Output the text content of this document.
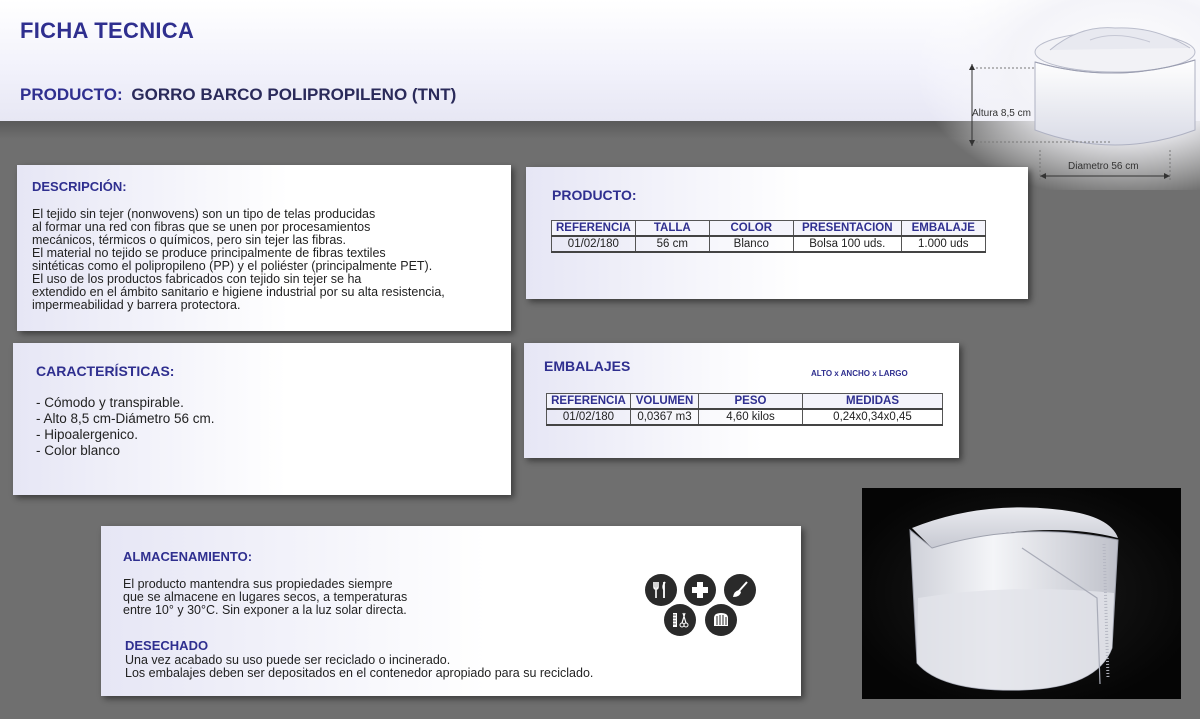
FICHA TECNICA
PRODUCTO: GORRO BARCO POLIPROPILENO (TNT)
Altura 8,5 cm
Diametro 56 cm
DESCRIPCIÓN:

El tejido sin tejer (nonwovens) son un tipo de telas producidas

al formar una red con fibras que se unen por procesamientos

mecánicos, térmicos o químicos, pero sin tejer las fibras.

El material no tejido se produce principalmente de fibras textiles

sintéticas como el polipropileno (PP) y el poliéster (principalmente PET).

El uso de los productos fabricados con tejido sin tejer se ha

extendido en el ámbito sanitario e higiene industrial por su alta resistencia,

impermeabilidad y barrera protectora.

PRODUCTO:
REFERENCIA	TALLA	COLOR	PRESENTACION	EMBALAJE
01/02/180	56 cm	Blanco	Bolsa 100 uds.	1.000 uds
CARACTERÍSTICAS:
- Cómodo y transpirable.
- Alto 8,5 cm-Diámetro 56 cm.
- Hipoalergenico.
- Color blanco
EMBALAJES	ALTO x ANCHO x LARGO
REFERENCIA	VOLUMEN	PESO	MEDIDAS
01/02/180	0,0367 m3	4,60 kilos	0,24x0,34x0,45
ALMACENAMIENTO:

El producto mantendra sus propiedades siempre

que se almacene en lugares secos, a temperaturas

entre 10° y 30°C. Sin exponer a la luz solar directa.

DESECHADO

Una vez acabado su uso puede ser reciclado o incinerado.

Los embalajes deben ser depositados en el contenedor apropiado para su reciclado.
